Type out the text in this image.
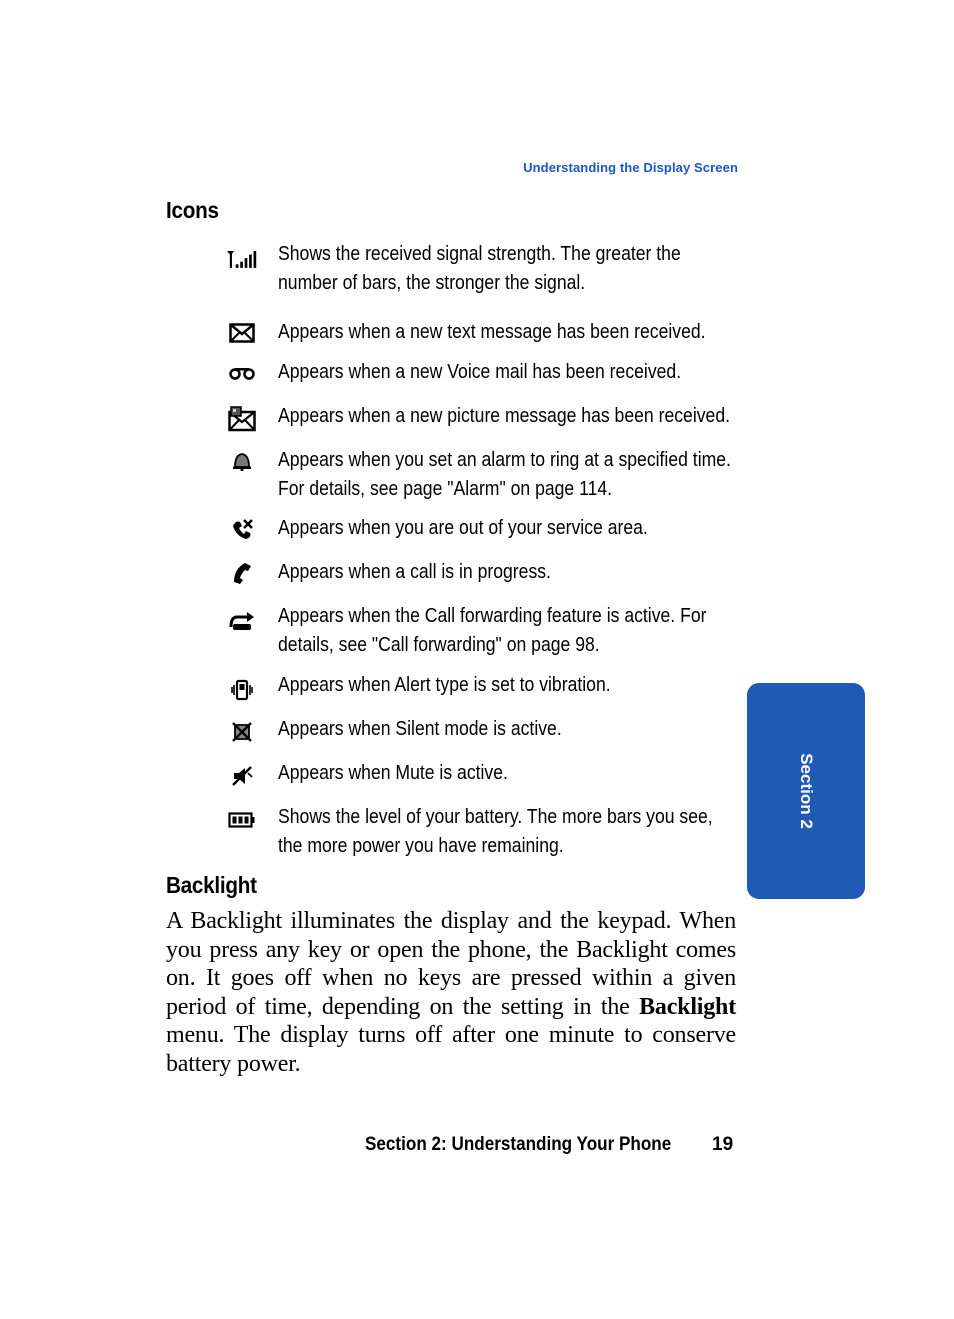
Understanding the Display Screen
Icons

Shows the received signal strength. The greater the
number of bars, the stronger the signal.

Appears when a new text message has been received.

Appears when a new Voice mail has been received.

Appears when a new picture message has been received.

Appears when you set an alarm to ring at a specified time.
For details, see page "Alarm" on page 114.

Appears when you are out of your service area.

Appears when a call is in progress.

Appears when the Call forwarding feature is active. For
details, see "Call forwarding" on page 98.

Appears when Alert type is set to vibration.

Appears when Silent mode is active.

Appears when Mute is active.

Shows the level of your battery. The more bars you see,
the more power you have remaining.

Backlight

A Backlight illuminates the display and the keypad. When you press any key or open the phone, the Backlight comes on. It goes off when no keys are pressed within a given period of time, depending on the setting in the Backlight menu. The display turns off after one minute to conserve battery power.

Section 2
Section 2: Understanding Your Phone 19
